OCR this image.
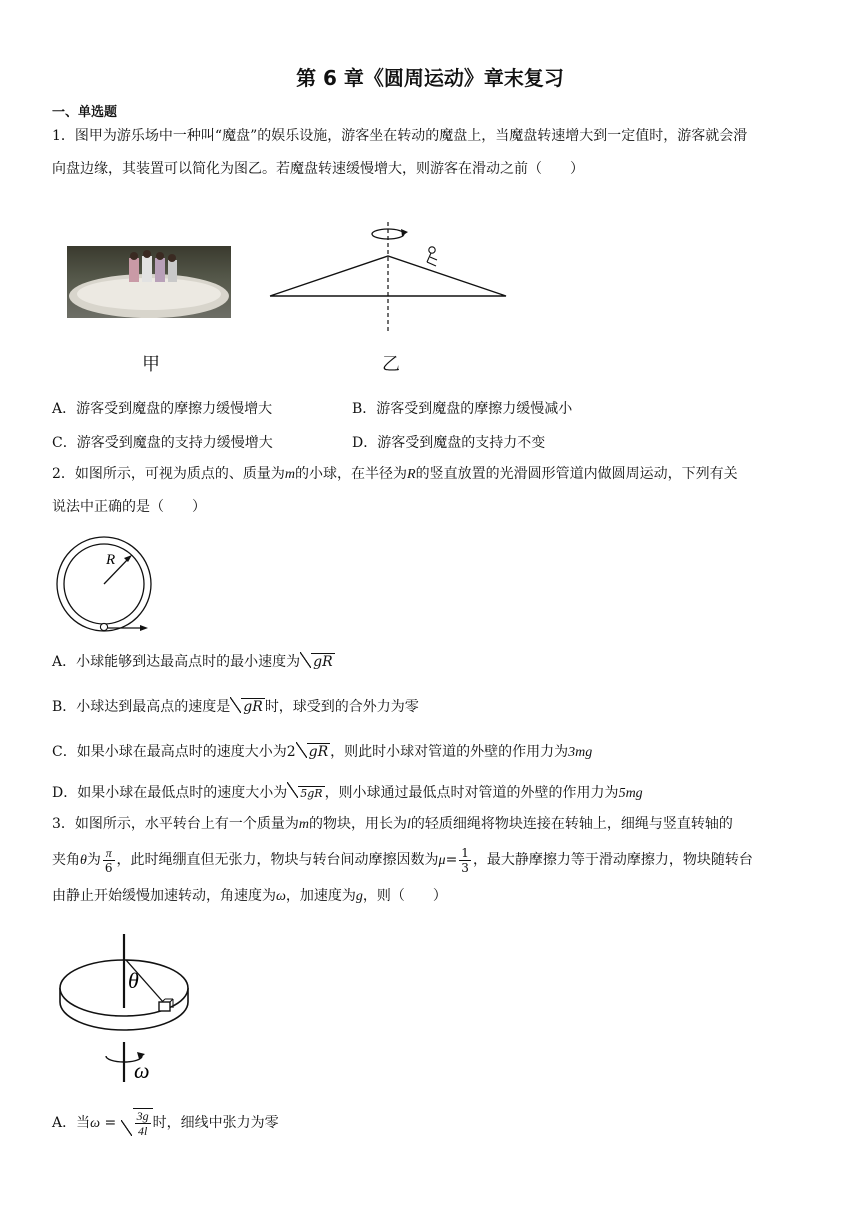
第 6 章《圆周运动》章末复习
一、单选题
1．图甲为游乐场中一种叫“魔盘”的娱乐设施，游客坐在转动的魔盘上，当魔盘转速增大到一定值时，游客就会滑
向盘边缘，其装置可以简化为图乙。若魔盘转速缓慢增大，则游客在滑动之前（　　）
甲	乙
A．游客受到魔盘的摩擦力缓慢增大	B．游客受到魔盘的摩擦力缓慢减小
C．游客受到魔盘的支持力缓慢增大	D．游客受到魔盘的支持力不变
2．如图所示，可视为质点的、质量为m的小球，在半径为R的竖直放置的光滑圆形管道内做圆周运动，下列有关
说法中正确的是（　　）
R
A．小球能够到达最高点时的最小速度为 gR
B．小球达到最高点的速度是 gR 时，球受到的合外力为零
C．如果小球在最高点时的速度大小为2 gR ，则此时小球对管道的外壁的作用力为3mg
D．如果小球在最低点时的速度大小为 5gR ，则小球通过最低点时对管道的外壁的作用力为5mg
3．如图所示，水平转台上有一个质量为m的物块，用长为l的轻质细绳将物块连接在转轴上，细绳与竖直转轴的
夹角θ为 $\frac{\pi}{6}$ ，此时绳绷直但无张力，物块与转台间动摩擦因数为$\mu= \frac{1}{3}$ ，最大静摩擦力等于滑动摩擦力，物块随转台
由静止开始缓慢加速转动，角速度为ω，加速度为g，则（　　）
θ
ω
A．当$\omega = \frac{3g}{4l}$ 时，细线中张力为零
